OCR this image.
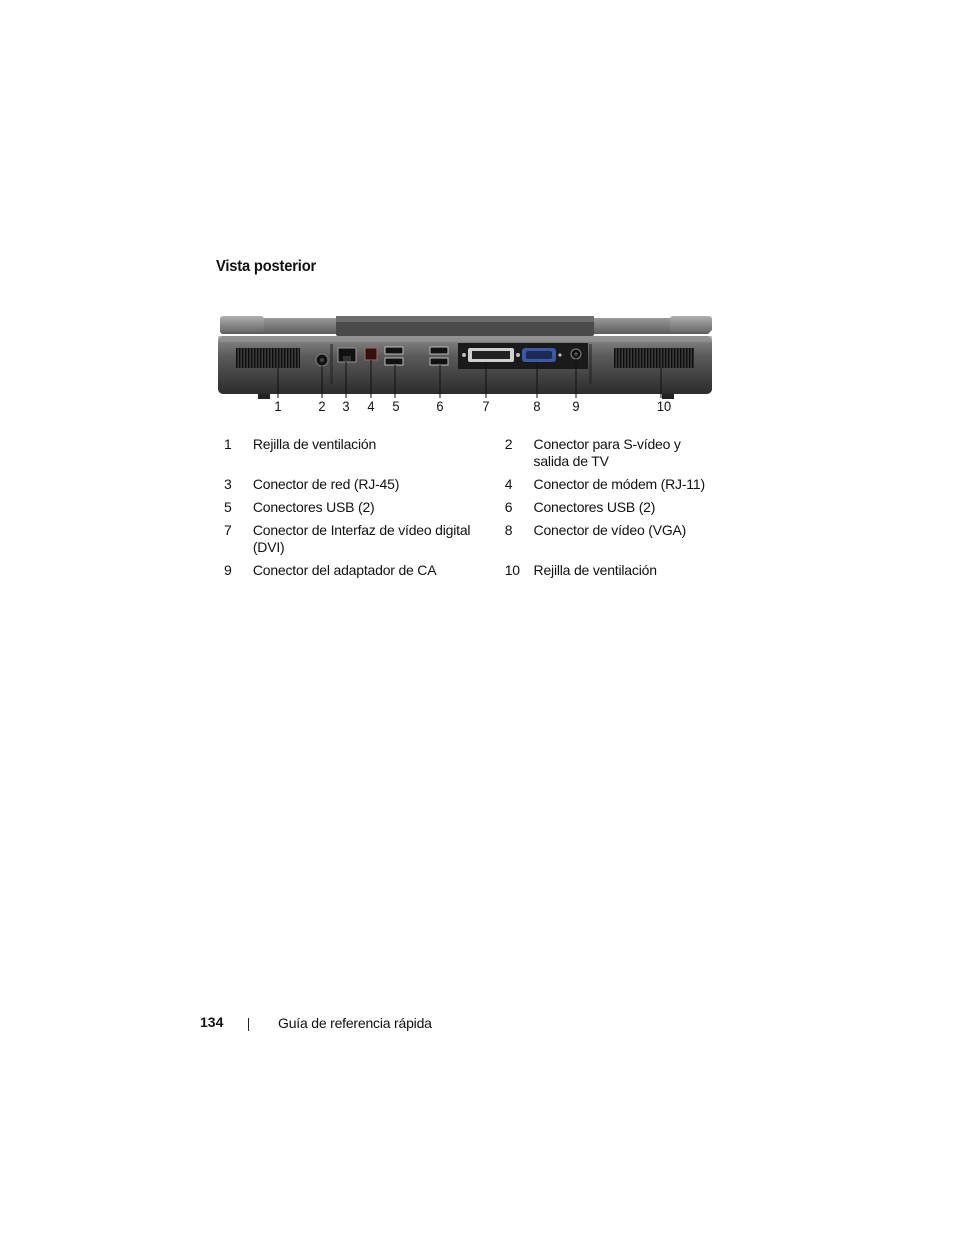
Vista posterior
1	2 3 4 5	6	7	8 9	10
1	Rejilla de ventilación	2	Conector para S-vídeo y salida de TV
3	Conector de red (RJ-45)	4	Conector de módem (RJ-11)
5	Conectores USB (2)	6	Conectores USB (2)
7	Conector de Interfaz de vídeo digital (DVI)	8	Conector de vídeo (VGA)
9	Conector del adaptador de CA	10	Rejilla de ventilación
134	Guía de referencia rápida
